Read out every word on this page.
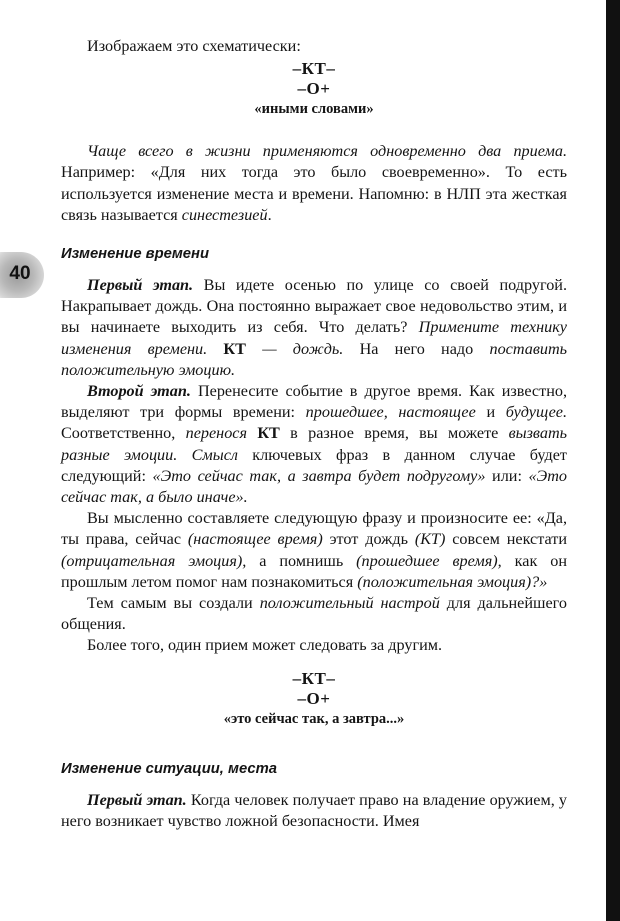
40

Изображаем это схематически:

–КТ–
–О+
«иными словами»

Чаще всего в жизни применяются одновременно два приема. Например: «Для них тогда это было своевременно». То есть используется изменение места и времени. Напомню: в НЛП эта жесткая связь называется синестезией.

Изменение времени

Первый этап. Вы идете осенью по улице со своей подругой. Накрапывает дождь. Она постоянно выражает свое недовольство этим, и вы начинаете выходить из себя. Что делать? Примените технику изменения времени. КТ — дождь. На него надо поставить положительную эмоцию.

Второй этап. Перенесите событие в другое время. Как известно, выделяют три формы времени: прошедшее, настоящее и будущее. Соответственно, перенося КТ в разное время, вы можете вызвать разные эмоции. Смысл ключевых фраз в данном случае будет следующий: «Это сейчас так, а завтра будет подругому» или: «Это сейчас так, а было иначе».

Вы мысленно составляете следующую фразу и произносите ее: «Да, ты права, сейчас (настоящее время) этот дождь (КТ) совсем некстати (отрицательная эмоция), а помнишь (прошедшее время), как он прошлым летом помог нам познакомиться (положительная эмоция)?»

Тем самым вы создали положительный настрой для дальнейшего общения.

Более того, один прием может следовать за другим.

–КТ–
–О+
«это сейчас так, а завтра...»
Изменение ситуации, места

Первый этап. Когда человек получает право на владение оружием, у него возникает чувство ложной безопасности. Имея
